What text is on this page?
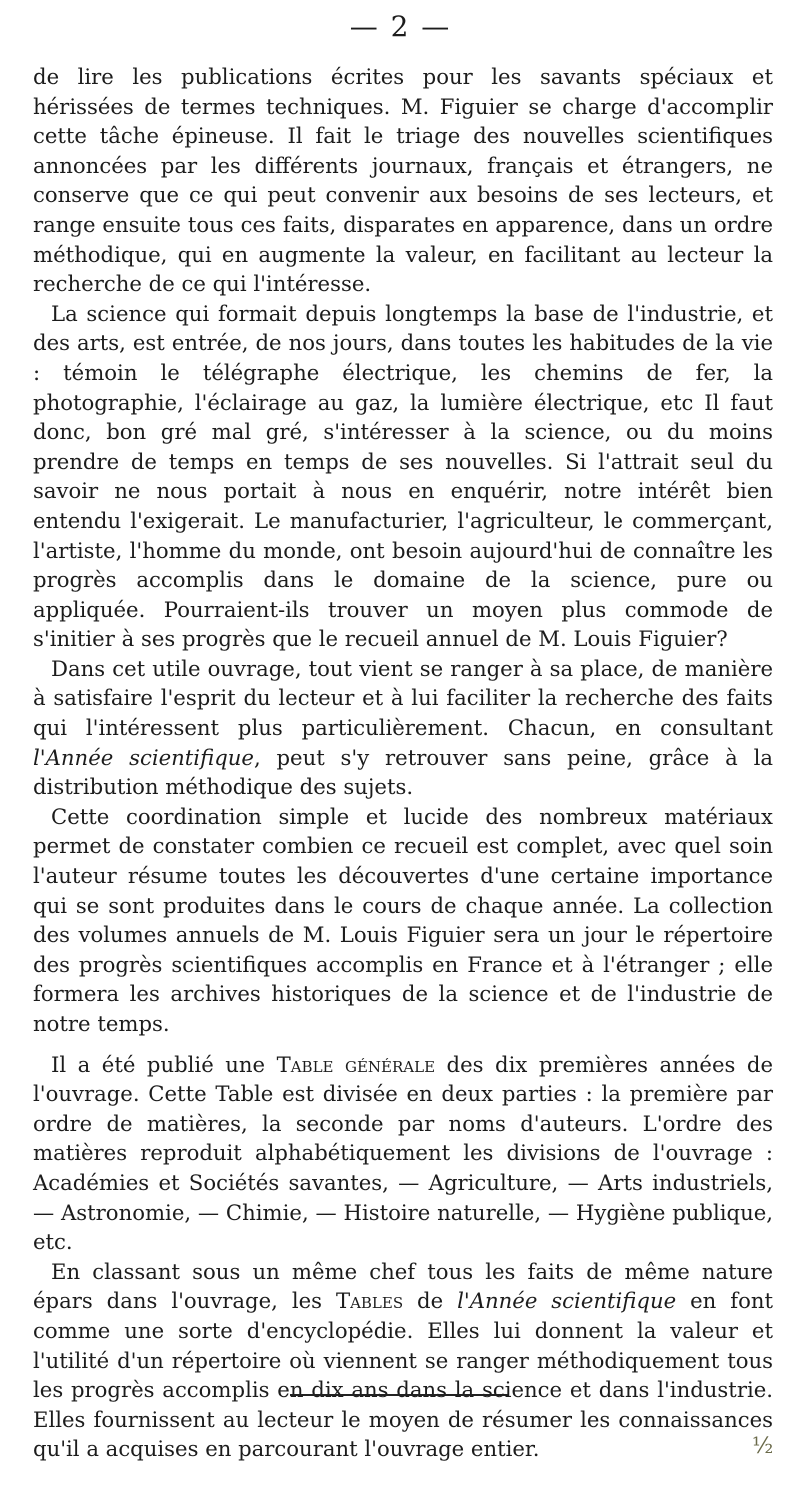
— 2 —

de lire les publications écrites pour les savants spéciaux et hérissées de termes techniques. M. Figuier se charge d'accomplir cette tâche épineuse. Il fait le triage des nouvelles scientifiques annoncées par les différents journaux, français et étrangers, ne conserve que ce qui peut convenir aux besoins de ses lecteurs, et range ensuite tous ces faits, disparates en apparence, dans un ordre méthodique, qui en augmente la valeur, en facilitant au lecteur la recherche de ce qui l'intéresse.

La science qui formait depuis longtemps la base de l'industrie, et des arts, est entrée, de nos jours, dans toutes les habitudes de la vie : témoin le télégraphe électrique, les chemins de fer, la photographie, l'éclairage au gaz, la lumière électrique, etc Il faut donc, bon gré mal gré, s'intéresser à la science, ou du moins prendre de temps en temps de ses nouvelles. Si l'attrait seul du savoir ne nous portait à nous en enquérir, notre intérêt bien entendu l'exigerait. Le manufacturier, l'agriculteur, le commerçant, l'artiste, l'homme du monde, ont besoin aujourd'hui de connaître les progrès accomplis dans le domaine de la science, pure ou appliquée. Pourraient-ils trouver un moyen plus commode de s'initier à ses progrès que le recueil annuel de M. Louis Figuier?

Dans cet utile ouvrage, tout vient se ranger à sa place, de manière à satisfaire l'esprit du lecteur et à lui faciliter la recherche des faits qui l'intéressent plus particulièrement. Chacun, en consultant l'Année scientifique, peut s'y retrouver sans peine, grâce à la distribution méthodique des sujets.

Cette coordination simple et lucide des nombreux matériaux permet de constater combien ce recueil est complet, avec quel soin l'auteur résume toutes les découvertes d'une certaine importance qui se sont produites dans le cours de chaque année. La collection des volumes annuels de M. Louis Figuier sera un jour le répertoire des progrès scientifiques accomplis en France et à l'étranger ; elle formera les archives historiques de la science et de l'industrie de notre temps.

Il a été publié une Table générale des dix premières années de l'ouvrage. Cette Table est divisée en deux parties : la première par ordre de matières, la seconde par noms d'auteurs. L'ordre des matières reproduit alphabétiquement les divisions de l'ouvrage : Académies et Sociétés savantes, — Agriculture, — Arts industriels, — Astronomie, — Chimie, — Histoire naturelle, — Hygiène publique, etc.

En classant sous un même chef tous les faits de même nature épars dans l'ouvrage, les Tables de l'Année scientifique en font comme une sorte d'encyclopédie. Elles lui donnent la valeur et l'utilité d'un répertoire où viennent se ranger méthodiquement tous les progrès accomplis en dix ans dans la science et dans l'industrie. Elles fournissent au lecteur le moyen de résumer les connaissances qu'il a acquises en parcourant l'ouvrage entier.	½
